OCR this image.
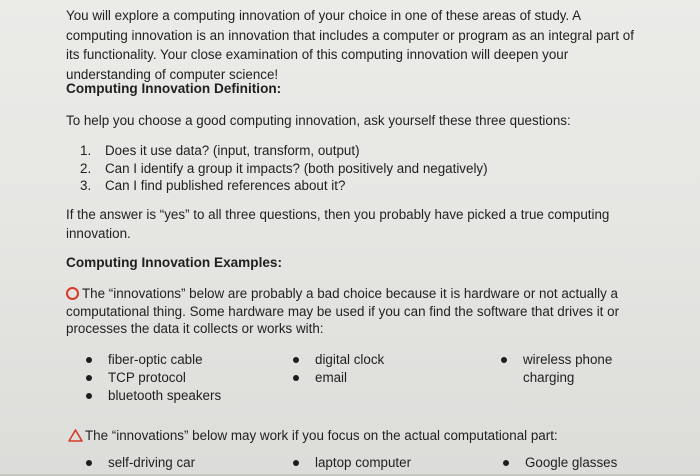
You will explore a computing innovation of your choice in one of these areas of study. A
computing innovation is an innovation that includes a computer or program as an integral part of
its functionality. Your close examination of this computing innovation will deepen your
understanding of computer science!

Computing Innovation Definition:

To help you choose a good computing innovation, ask yourself these three questions:

1.	Does it use data? (input, transform, output)
2.	Can I identify a group it impacts? (both positively and negatively)
3.	Can I find published references about it?

If the answer is “yes” to all three questions, then you probably have picked a true computing
innovation.

Computing Innovation Examples:

The “innovations” below are probably a bad choice because it is hardware or not actually a
computational thing. Some hardware may be used if you can find the software that drives it or
processes the data it collects or works with:

fiber-optic cable
TCP protocol
bluetooth speakers
digital clock
email
wireless phone
charging

The “innovations” below may work if you focus on the actual computational part:

self-driving car	laptop computer	Google glasses
